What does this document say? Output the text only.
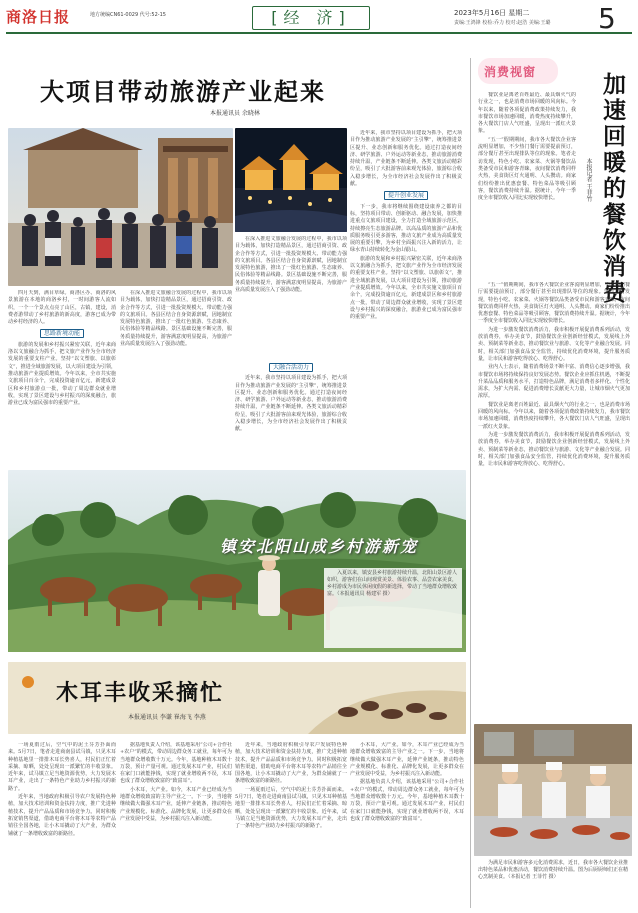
商洛日报	地方统编CN61-0029 代号:52-15	[经 济]	2023年5月16日 星期二
责编:王鸿锋 校检:乔力 校对:赵浩 美编:王璐 5
大项目带动旅游产业起来
本报通讯员 余晓林

在深入推进文旅融合发展的过程中，我市以项目为载体，加快打造精品景区，通过招商引资、政企合作等方式，引进一批投资规模大、带动能力强的文旅项目。各县区结合自身资源禀赋，因地制宜发展特色旅游，推出了一批红色旅游、生态康养、民俗体验等精品线路。景区基础设施不断完善，服务质量持续提升，游客满意度明显提高，为旅游产业高质量发展注入了强劲动能。

四月天到，满目草绿。商洛区办、商洛的风景旅游在本地的商洛乡村，一时间游客人流如织，一个一个景点点亮了山区，古镇，建设，消费者游带动了乡村旅游的新高度，游客已成为带动乡村经济的人。

思路新境动能

旅游的发展和乡村振兴紧密关联，近年来商洛以文旅融合为抓手，把文旅产业作为全市经济发展的重要支柱产业。坚持“以文塑旅、以旅彰文”，推进全域旅游发展，以大项目建设为引领，推动旅游产业提质增效。今年以来，全市共实施文旅项目百余个，完成投资逾百亿元，新建成景区和乡村旅游点一批，带动了周边群众就业增收，实现了景区建设与乡村振兴的深度融合，旅游业已成为富民强市的重要产业。

在深入推进文旅融合发展的过程中，我市以项目为载体，加快打造精品景区，通过招商引资、政企合作等方式，引进一批投资规模大、带动能力强的文旅项目。各县区结合自身资源禀赋，因地制宜发展特色旅游，推出了一批红色旅游、生态康养、民俗体验等精品线路。景区基础设施不断完善，服务质量持续提升，游客满意度明显提高，为旅游产业高质量发展注入了强劲动能。

大融合活动力

近年来，我市坚持以项目建设为抓手，把大项目作为推动旅游产业发展的“主引擎”，统筹推进景区提升、业态创新和服务优化。通过打造夜间经济、研学旅游、户外运动等新业态，推动旅游消费持续升温，产业链条不断延伸。各类文旅活动精彩纷呈，吸引了大批游客前来观光体验，旅游综合收入稳步增长，为全市经济社会发展作出了积极贡献。

近年来，我市坚持以项目建设为抓手，把大项目作为推动旅游产业发展的“主引擎”，统筹推进景区提升、业态创新和服务优化。通过打造夜间经济、研学旅游、户外运动等新业态，推动旅游消费持续升温，产业链条不断延伸。各类文旅活动精彩纷呈，吸引了大批游客前来观光体验，旅游综合收入稳步增长，为全市经济社会发展作出了积极贡献。

提升创业发展

下一步，我市将继续围绕建设康养之都的目标，坚持项目带动、创新驱动、融合发展，加快推进重点文旅项目建设，全力打造全域旅游示范区，持续擦亮生态旅游品牌。以高品质的旅游产品和优质服务吸引更多游客，推动文旅产业成为高质量发展的重要引擎，为乡村全面振兴注入新的活力，让绿水青山持续转化为金山银山。

旅游的发展和乡村振兴紧密关联，近年来商洛以文旅融合为抓手，把文旅产业作为全市经济发展的重要支柱产业。坚持“以文塑旅、以旅彰文”，推进全域旅游发展，以大项目建设为引领，推动旅游产业提质增效。今年以来，全市共实施文旅项目百余个，完成投资逾百亿元，新建成景区和乡村旅游点一批，带动了周边群众就业增收，实现了景区建设与乡村振兴的深度融合，旅游业已成为富民强市的重要产业。

镇安北阳山成乡村游新宠
入夏以来，镇安县乡村旅游持续升温，北阳山景区游人如织，游客们在山间观赏美景、体验农事、品尝农家美食，乡村游成为市民休闲度假的新选择，带动了当地群众增收致富。（本报通讯员 杨建军 摄）
木耳丰收采摘忙
本报通讯员 李谦 崔海飞 李燕

一场夏雨过后，空气中的泥土芬芳扑面而来。5月7日，笔者走进商南县试马镇，只见木耳种植基地里一排排木耳长势喜人，村民们正忙着采摘、晾晒，处处呈现出一派繁忙的丰收景象。近年来，试马镇立足当地资源优势，大力发展木耳产业，走出了一条特色产业助力乡村振兴的新路子。

近年来，当地政府积极引导农户发展特色种植，加大技术培训和资金扶持力度，推广先进种植技术，提升产品品质和市场竞争力。同时积极拓宽销售渠道，借助电商平台将木耳等农特产品销往全国各地，让小木耳撬动了大产业，为群众铺就了一条增收致富的新路径。

据基地负责人介绍，该基地采用“公司+合作社+农户”的模式，带动周边群众务工就业，每年可为当地群众增收数十万元。今年，基地种植木耳数十万袋，预计产量可观。通过发展木耳产业，村民们在家门口就能挣钱，实现了就业增收两不误，木耳也成了群众增收致富的“致富耳”。

小木耳，大产业。如今，木耳产业已经成为当地群众增收致富的主导产业之一。下一步，当地将继续做大做强木耳产业，延伸产业链条，推动特色产业规模化、标准化、品牌化发展，让更多群众在产业发展中受益，为乡村振兴注入新动能。

近年来，当地政府积极引导农户发展特色种植，加大技术培训和资金扶持力度，推广先进种植技术，提升产品品质和市场竞争力。同时积极拓宽销售渠道，借助电商平台将木耳等农特产品销往全国各地，让小木耳撬动了大产业，为群众铺就了一条增收致富的新路径。

一场夏雨过后，空气中的泥土芬芳扑面而来。5月7日，笔者走进商南县试马镇，只见木耳种植基地里一排排木耳长势喜人，村民们正忙着采摘、晾晒，处处呈现出一派繁忙的丰收景象。近年来，试马镇立足当地资源优势，大力发展木耳产业，走出了一条特色产业助力乡村振兴的新路子。

小木耳，大产业。如今，木耳产业已经成为当地群众增收致富的主导产业之一。下一步，当地将继续做大做强木耳产业，延伸产业链条，推动特色产业规模化、标准化、品牌化发展，让更多群众在产业发展中受益，为乡村振兴注入新动能。

据基地负责人介绍，该基地采用“公司+合作社+农户”的模式，带动周边群众务工就业，每年可为当地群众增收数十万元。今年，基地种植木耳数十万袋，预计产量可观。通过发展木耳产业，村民们在家门口就能挣钱，实现了就业增收两不误，木耳也成了群众增收致富的“致富耳”。

消费视窗	加速回暖的餐饮消费
本报记者 王菲竹

餐饮业是离老百姓最近、最具烟火气的行业之一，也是消费市场回暖的风向标。今年以来，随着各项促消费政策持续发力，我市餐饮市场加速回暖，消费热度持续攀升，各大餐饮门店人气旺盛，呈现出一派红火景象。

“五一”假期期间，我市各大餐饮企业客流明显增加，不少热门餐厅需要提前预订，部分餐厅甚至出现排队等位的现象。笔者走访发现，特色小吃、农家菜、火锅等餐饮品类备受市民和游客青睐，夜间餐饮消费同样火热，美食街区灯火通明、人头攒动。商家们纷纷推出优惠套餐、特色菜品等吸引顾客，餐饮消费持续升温。据统计，今年一季度全市餐饮收入同比实现较快增长。

“五一”假期期间，我市各大餐饮企业客流明显增加，不少热门餐厅需要提前预订，部分餐厅甚至出现排队等位的现象。笔者走访发现，特色小吃、农家菜、火锅等餐饮品类备受市民和游客青睐，夜间餐饮消费同样火热，美食街区灯火通明、人头攒动。商家们纷纷推出优惠套餐、特色菜品等吸引顾客，餐饮消费持续升温。据统计，今年一季度全市餐饮收入同比实现较快增长。

为进一步激发餐饮消费活力，我市积极开展促消费系列活动，发放消费券，举办美食节，鼓励餐饮企业创新经营模式，发展线上外卖、预制菜等新业态，推动餐饮业与旅游、文化等产业融合发展。同时，相关部门加强食品安全监管，持续优化消费环境，提升服务质量，让市民和游客吃得放心、吃得舒心。

业内人士表示，随着消费场景不断丰富、消费信心逐步增强，我市餐饮市场将持续保持良好发展态势。餐饮企业应抓住机遇，不断提升菜品品质和服务水平，打造特色品牌，满足消费者多样化、个性化需求，为扩大内需、促进消费增长贡献更大力量，让城市烟火气更加浓厚。

餐饮业是离老百姓最近、最具烟火气的行业之一，也是消费市场回暖的风向标。今年以来，随着各项促消费政策持续发力，我市餐饮市场加速回暖，消费热度持续攀升，各大餐饮门店人气旺盛，呈现出一派红火景象。

为进一步激发餐饮消费活力，我市积极开展促消费系列活动，发放消费券，举办美食节，鼓励餐饮企业创新经营模式，发展线上外卖、预制菜等新业态，推动餐饮业与旅游、文化等产业融合发展。同时，相关部门加强食品安全监管，持续优化消费环境，提升服务质量，让市民和游客吃得放心、吃得舒心。

为满足市民和游客多元化消费需求，近日，我市各大餐饮企业推出特色菜品和优惠活动，餐饮消费持续升温。图为后厨厨师们正在精心烹制美食。（本报记者 王菲竹 摄）
